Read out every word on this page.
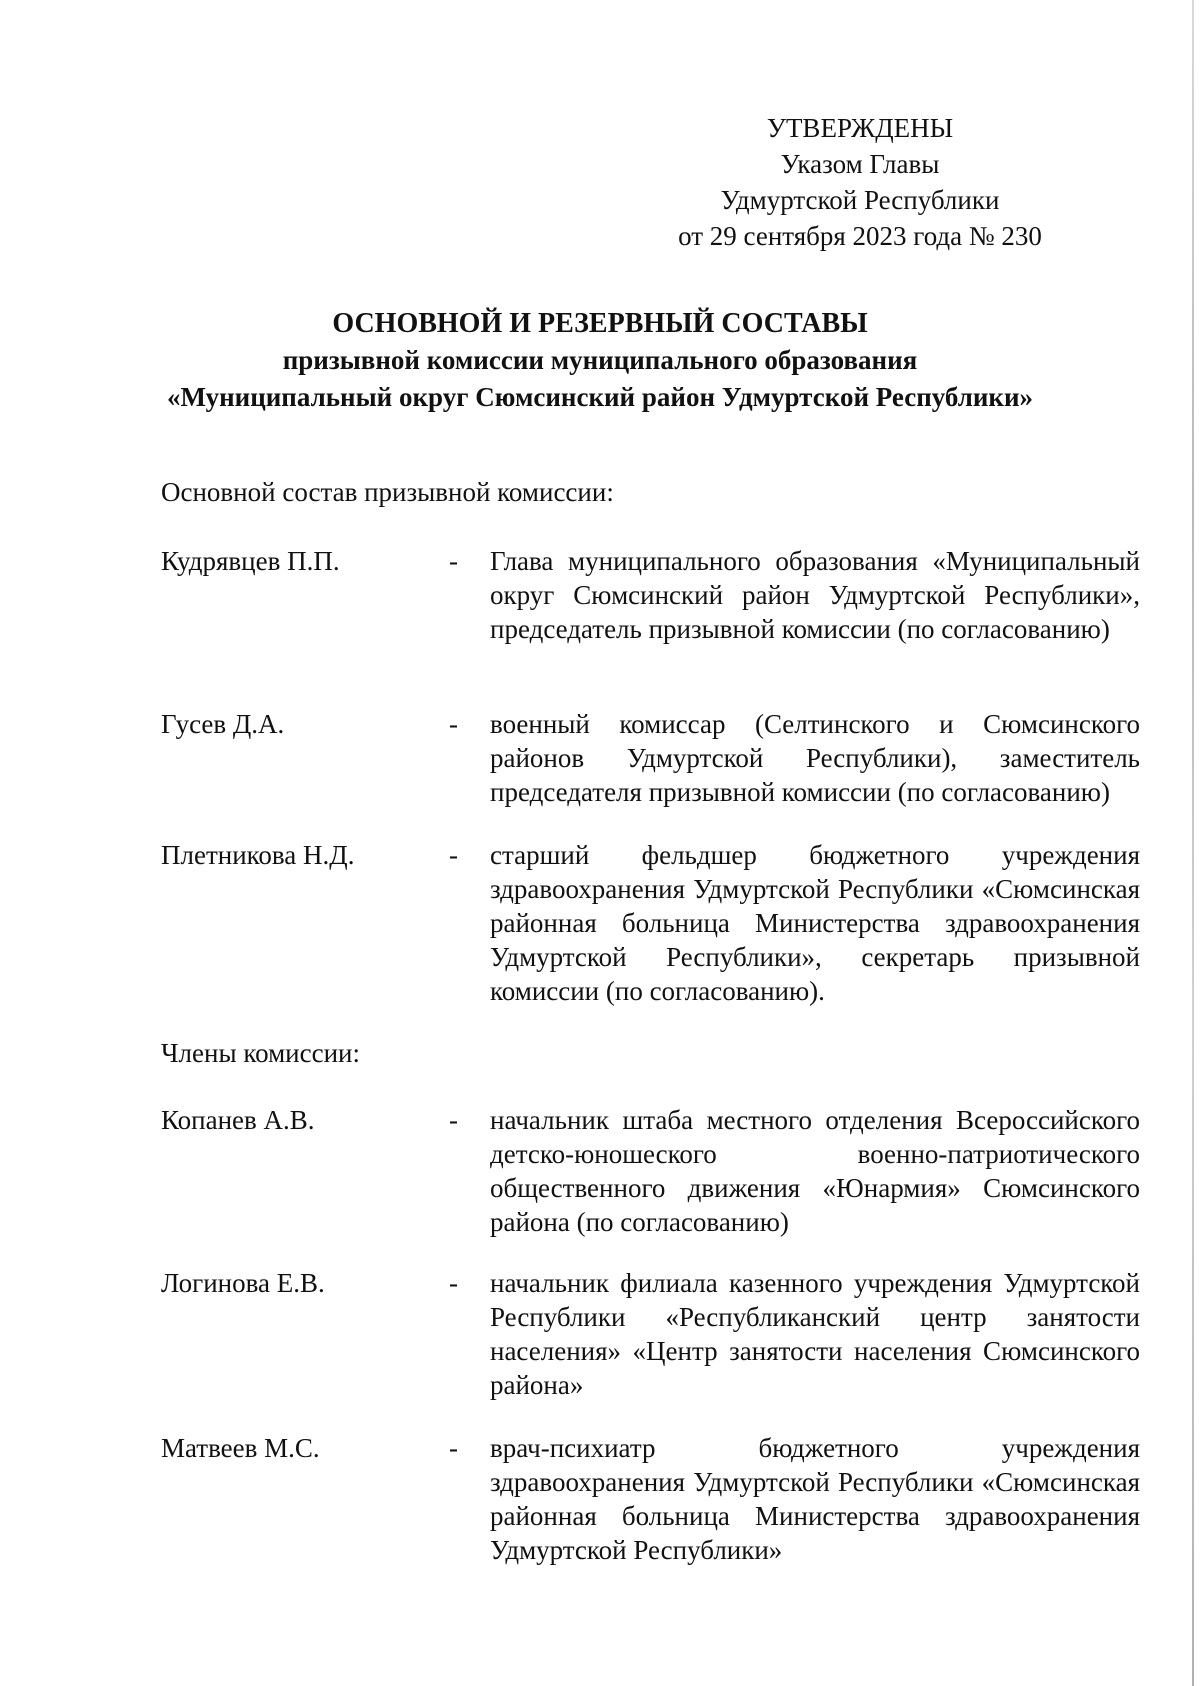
УТВЕРЖДЕНЫ
Указом Главы
Удмуртской Республики
от 29 сентября 2023 года № 230
ОСНОВНОЙ И РЕЗЕРВНЫЙ СОСТАВЫ
призывной комиссии муниципального образования
«Муниципальный округ Сюмсинский район Удмуртской Республики»
Основной состав призывной комиссии:
Кудрявцев П.П.	- Глава муниципального образования «Муниципальный округ Сюмсинский район Удмуртской Республики», председатель призывной комиссии (по согласованию)
Гусев Д.А.	- военный комиссар (Селтинского и Сюмсинского районов Удмуртской Республики), заместитель председателя призывной комиссии (по согласованию)
Плетникова Н.Д.	- старший фельдшер бюджетного учреждения здравоохранения Удмуртской Республики «Сюмсинская районная больница Министерства здравоохранения Удмуртской Республики», секретарь призывной комиссии (по согласованию).
Члены комиссии:
Копанев А.В.	- начальник штаба местного отделения Всероссийского детско-юношеского военно-патриотического общественного движения «Юнармия» Сюмсинского района (по согласованию)
Логинова Е.В.	- начальник филиала казенного учреждения Удмуртской Республики «Республиканский центр занятости населения» «Центр занятости населения Сюмсинского района»
Матвеев М.С.	- врач-психиатр бюджетного учреждения здравоохранения Удмуртской Республики «Сюмсинская районная больница Министерства здравоохранения Удмуртской Республики»
